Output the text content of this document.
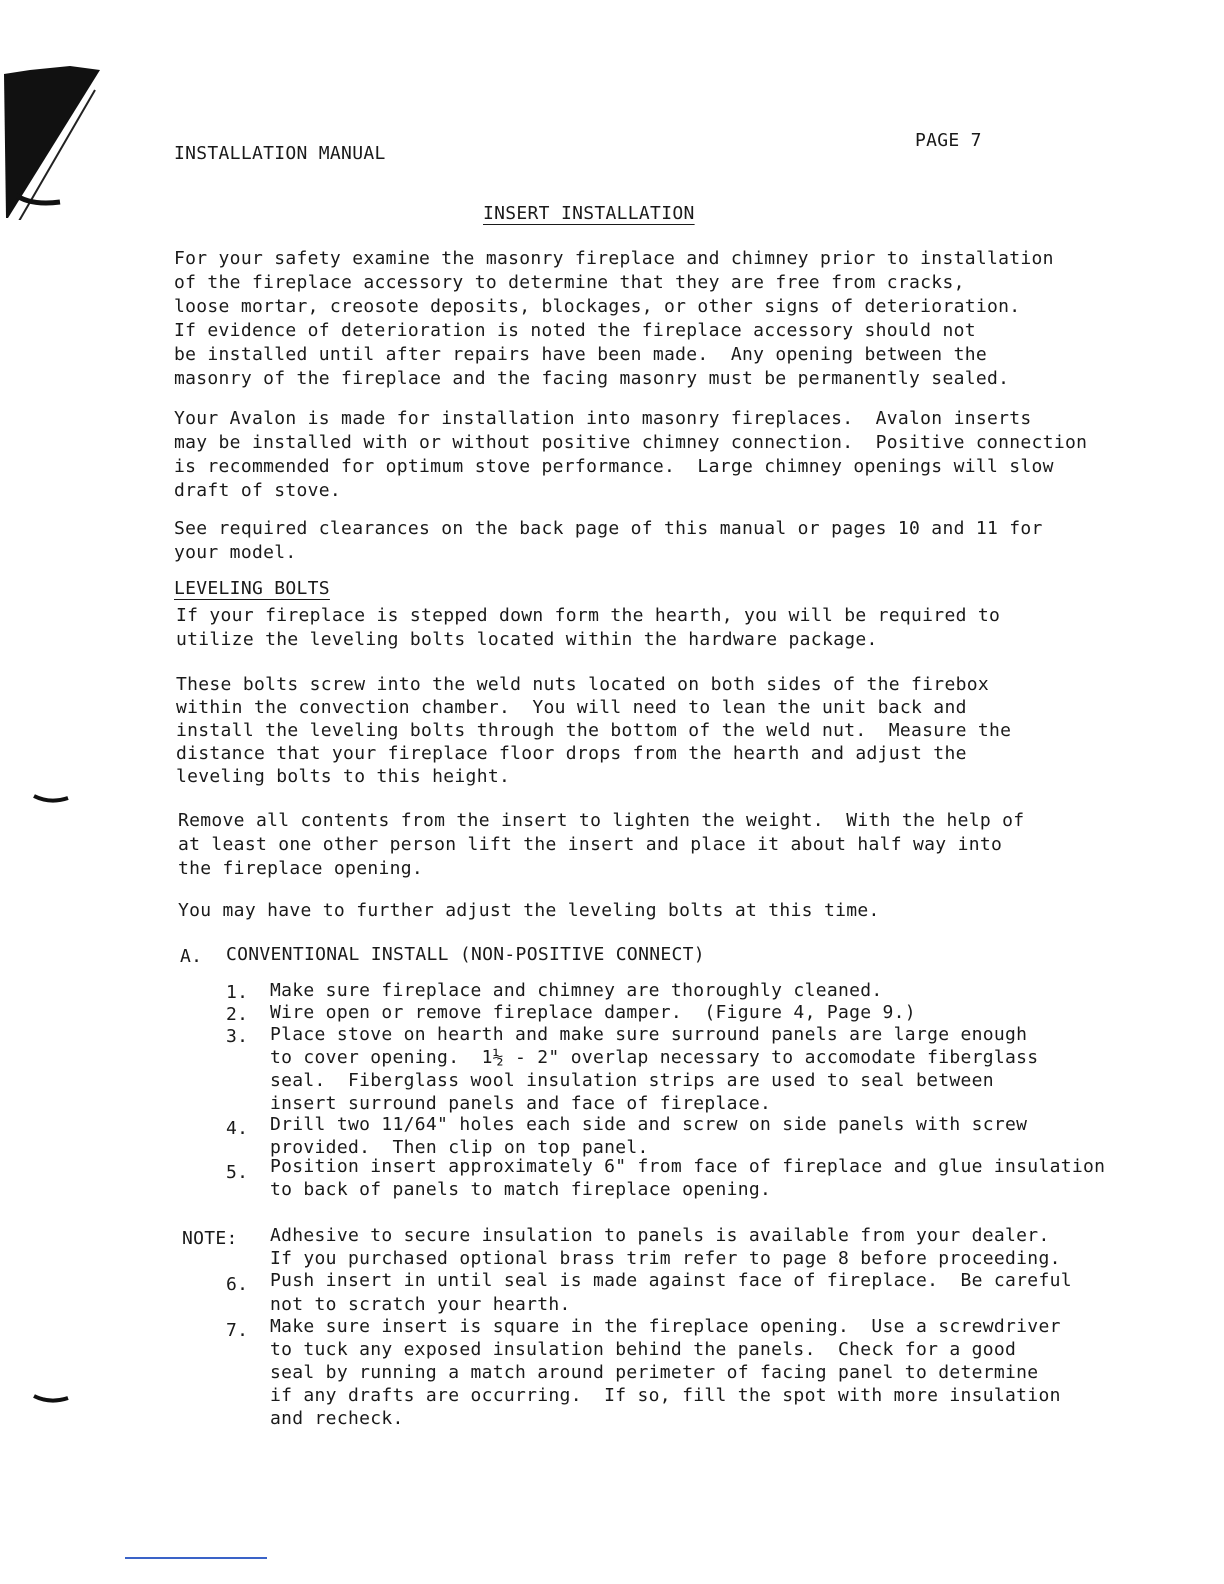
INSTALLATION MANUAL
PAGE 7
INSERT INSTALLATION
For your safety examine the masonry fireplace and chimney prior to installation
of the fireplace accessory to determine that they are free from cracks,
loose mortar, creosote deposits, blockages, or other signs of deterioration.
If evidence of deterioration is noted the fireplace accessory should not
be installed until after repairs have been made.  Any opening between the
masonry of the fireplace and the facing masonry must be permanently sealed.
Your Avalon is made for installation into masonry fireplaces.  Avalon inserts
may be installed with or without positive chimney connection.  Positive connection
is recommended for optimum stove performance.  Large chimney openings will slow
draft of stove.
See required clearances on the back page of this manual or pages 10 and 11 for
your model.
LEVELING BOLTS
If your fireplace is stepped down form the hearth, you will be required to
utilize the leveling bolts located within the hardware package.
These bolts screw into the weld nuts located on both sides of the firebox
within the convection chamber.  You will need to lean the unit back and
install the leveling bolts through the bottom of the weld nut.  Measure the
distance that your fireplace floor drops from the hearth and adjust the
leveling bolts to this height.
Remove all contents from the insert to lighten the weight.  With the help of
at least one other person lift the insert and place it about half way into
the fireplace opening.
You may have to further adjust the leveling bolts at this time.
A. CONVENTIONAL INSTALL (NON-POSITIVE CONNECT)
1. Make sure fireplace and chimney are thoroughly cleaned.
2. Wire open or remove fireplace damper.  (Figure 4, Page 9.)
3. Place stove on hearth and make sure surround panels are large enough
to cover opening.  1½ - 2" overlap necessary to accomodate fiberglass
seal.  Fiberglass wool insulation strips are used to seal between
insert surround panels and face of fireplace.
4. Drill two 11/64" holes each side and screw on side panels with screw
provided.  Then clip on top panel.
5. Position insert approximately 6" from face of fireplace and glue insulation
to back of panels to match fireplace opening.
NOTE: Adhesive to secure insulation to panels is available from your dealer.
If you purchased optional brass trim refer to page 8 before proceeding.
6. Push insert in until seal is made against face of fireplace.  Be careful
not to scratch your hearth.
7. Make sure insert is square in the fireplace opening.  Use a screwdriver
to tuck any exposed insulation behind the panels.  Check for a good
seal by running a match around perimeter of facing panel to determine
if any drafts are occurring.  If so, fill the spot with more insulation
and recheck.
